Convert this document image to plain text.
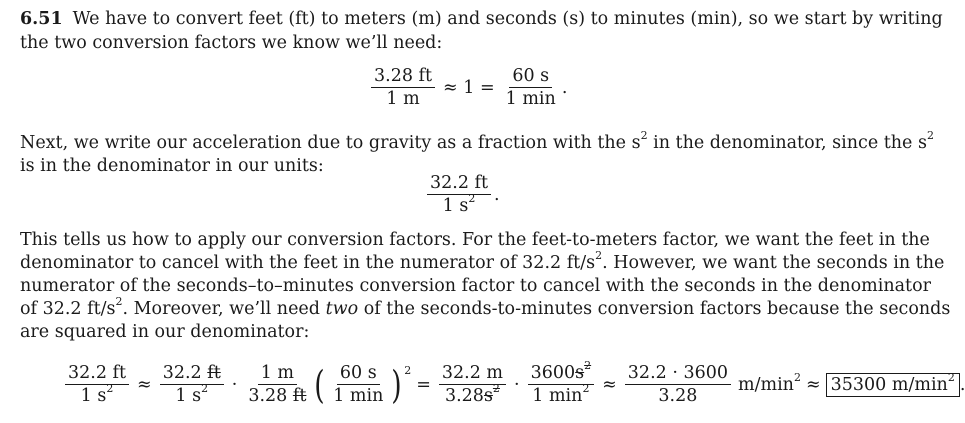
6.51 We have to convert feet (ft) to meters (m) and seconds (s) to minutes (min), so we start by writing
the two conversion factors we know we’ll need:
$\frac{3.28 ft}{1 m} \approx 1 = \frac{60 s}{1 \min}$ .
Next, we write our acceleration due to gravity as a fraction with the $s^2$ in the denominator, since the $s^2$
is in the denominator in our units:
$\frac{32.2 ft}{1 s^2}$ .
This tells us how to apply our conversion factors. For the feet-to-meters factor, we want the feet in the
denominator to cancel with the feet in the numerator of 32.2 $ft/s^2$. However, we want the seconds in the
numerator of the seconds–to–minutes conversion factor to cancel with the seconds in the denominator
of 32.2 $ft/s^2$. Moreover, we’ll need two of the seconds-to-minutes conversion factors because the seconds
are squared in our denominator:
$\frac{32.2 ft}{1 s^2} \approx \frac{32.2 ft}{1 s^2} \cdot \frac{1 m}{3.28 ft}$ ( $\frac{60 s}{1 \min} )^2$
= $\frac{32.2 m}{3.28s^2} \cdot \frac{3600s^2}{1 \min^2} \approx \frac{32.2 \cdot 3600}{3.28} m/\min^2 \approx 35300$ $m/\min^2$ .
